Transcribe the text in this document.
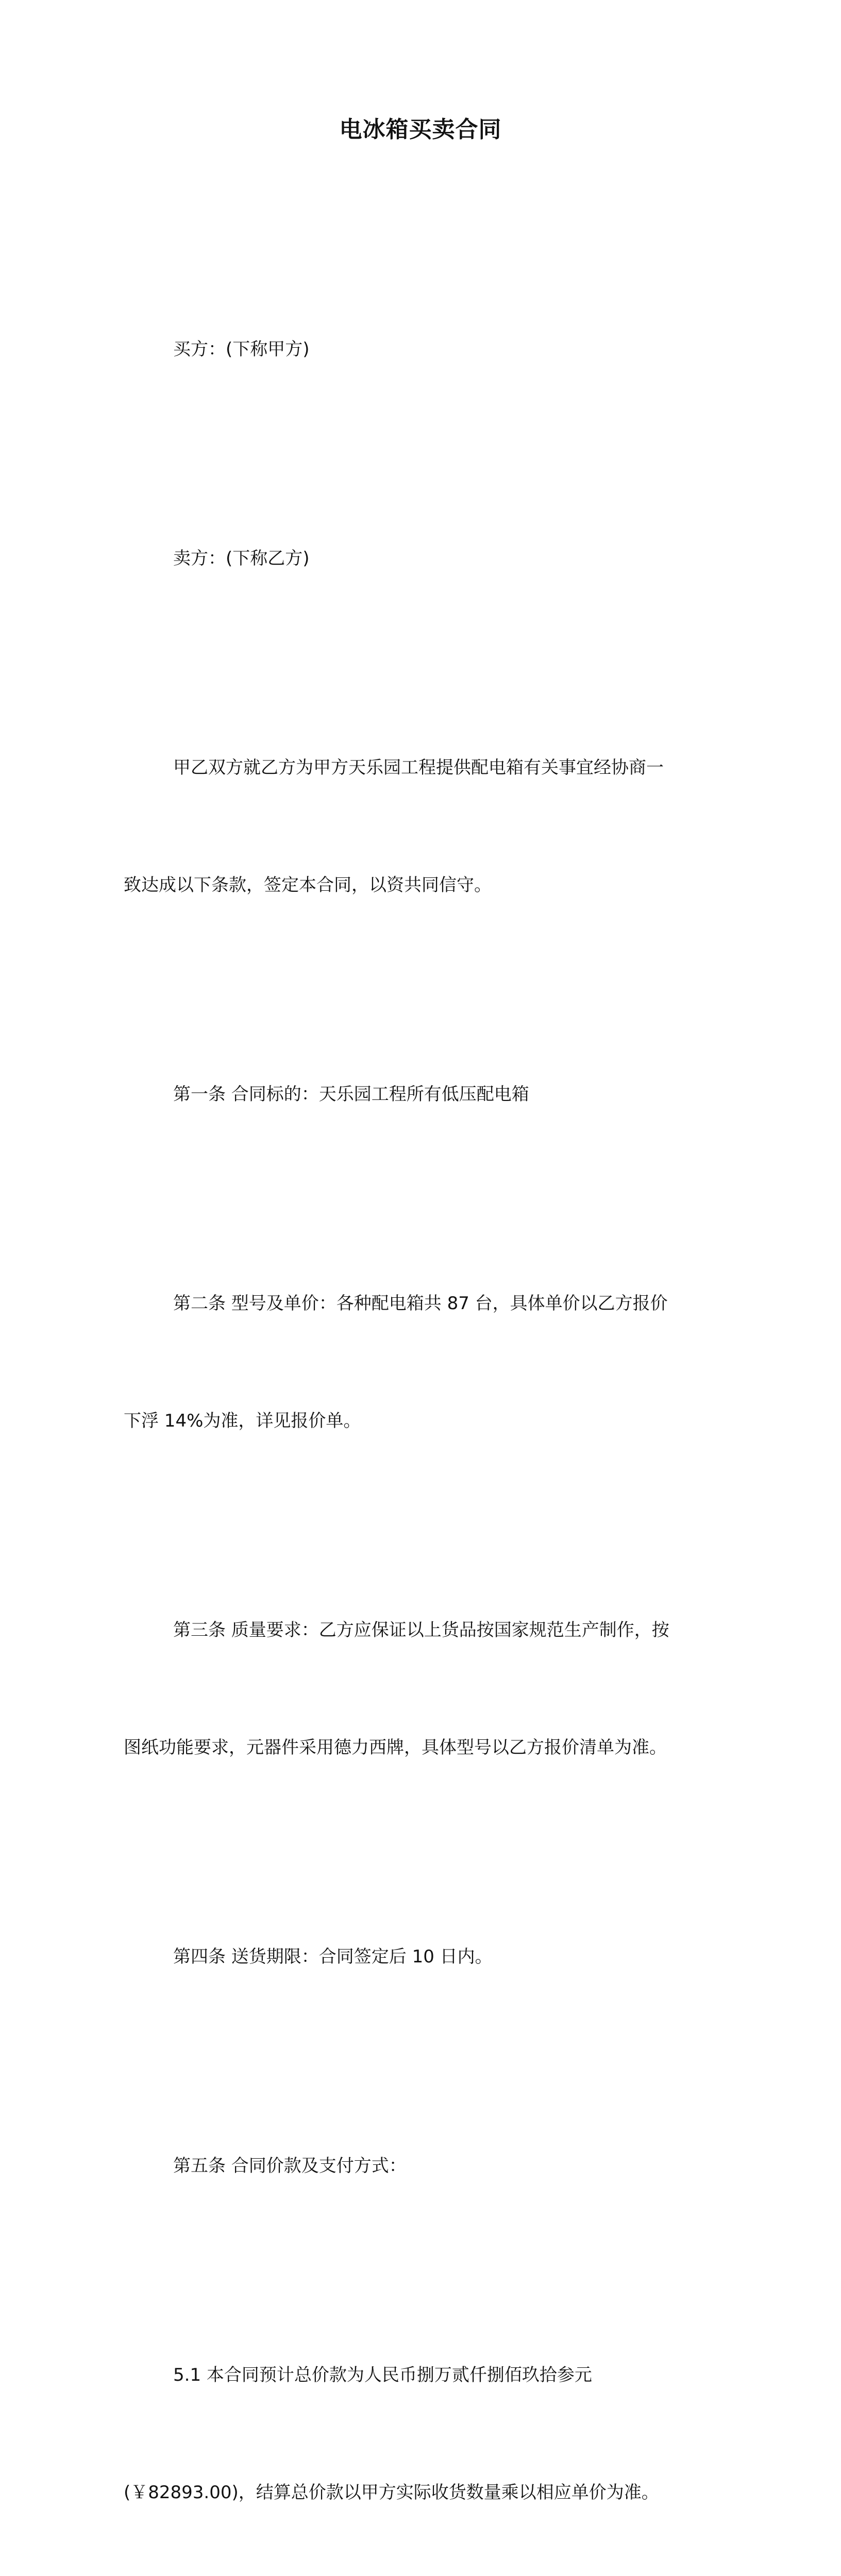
电冰箱买卖合同

买方：(下称甲方)

卖方：(下称乙方)

甲乙双方就乙方为甲方天乐园工程提供配电箱有关事宜经协商一

致达成以下条款，签定本合同，以资共同信守。

第一条 合同标的：天乐园工程所有低压配电箱

第二条 型号及单价：各种配电箱共 87 台，具体单价以乙方报价

下浮 14%为准，详见报价单。

第三条 质量要求：乙方应保证以上货品按国家规范生产制作，按

图纸功能要求，元器件采用德力西牌，具体型号以乙方报价清单为准。

第四条 送货期限：合同签定后 10 日内。

第五条 合同价款及支付方式：

5.1 本合同预计总价款为人民币捌万贰仟捌佰玖拾参元

(￥82893.00)，结算总价款以甲方实际收货数量乘以相应单价为准。
